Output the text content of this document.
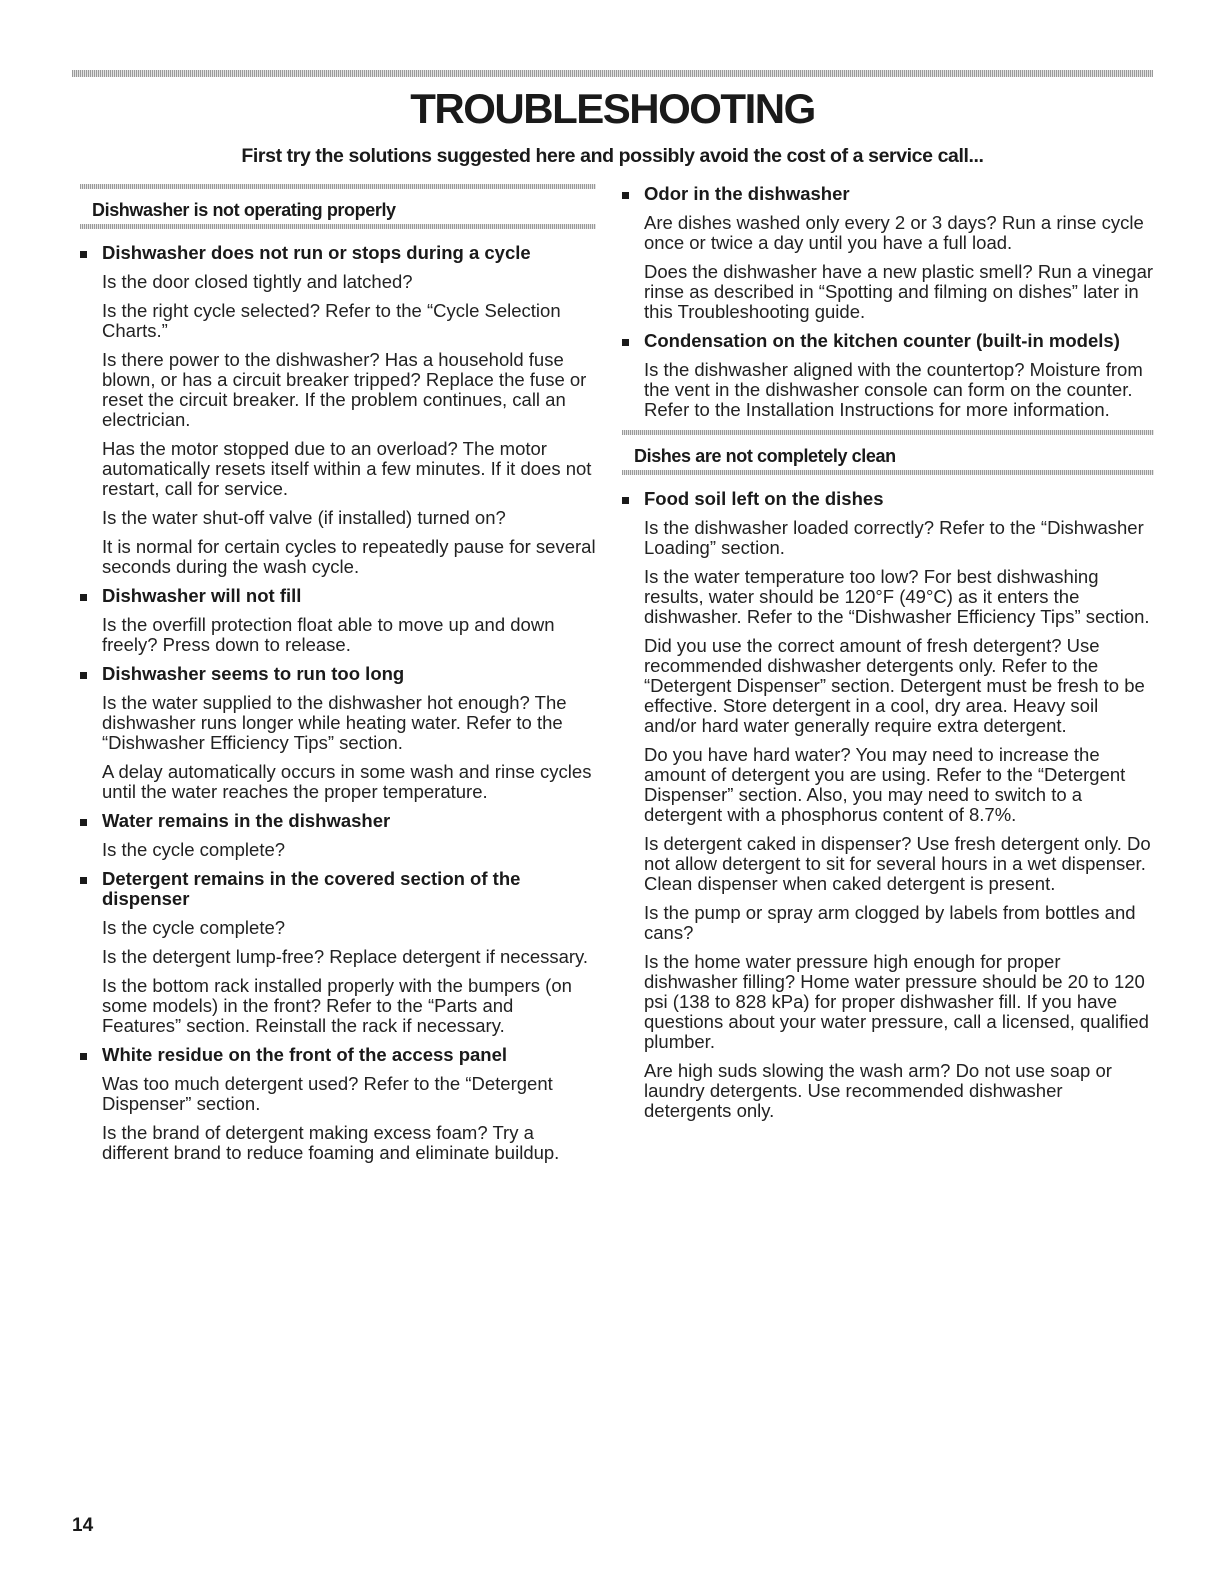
TROUBLESHOOTING

First try the solutions suggested here and possibly avoid the cost of a service call...

Dishwasher is not operating properly
Dishwasher does not run or stops during a cycle

Is the door closed tightly and latched?

Is the right cycle selected? Refer to the “Cycle Selection Charts.”

Is there power to the dishwasher? Has a household fuse blown, or has a circuit breaker tripped? Replace the fuse or reset the circuit breaker. If the problem continues, call an electrician.

Has the motor stopped due to an overload? The motor automatically resets itself within a few minutes. If it does not restart, call for service.

Is the water shut-off valve (if installed) turned on?

It is normal for certain cycles to repeatedly pause for several seconds during the wash cycle.

Dishwasher will not fill

Is the overfill protection float able to move up and down freely? Press down to release.

Dishwasher seems to run too long

Is the water supplied to the dishwasher hot enough? The dishwasher runs longer while heating water. Refer to the “Dishwasher Efficiency Tips” section.

A delay automatically occurs in some wash and rinse cycles until the water reaches the proper temperature.

Water remains in the dishwasher

Is the cycle complete?

Detergent remains in the covered section of the dispenser

Is the cycle complete?

Is the detergent lump-free? Replace detergent if necessary.

Is the bottom rack installed properly with the bumpers (on some models) in the front? Refer to the “Parts and Features” section. Reinstall the rack if necessary.

White residue on the front of the access panel

Was too much detergent used? Refer to the “Detergent Dispenser” section.

Is the brand of detergent making excess foam? Try a different brand to reduce foaming and eliminate buildup.

Odor in the dishwasher

Are dishes washed only every 2 or 3 days? Run a rinse cycle once or twice a day until you have a full load.

Does the dishwasher have a new plastic smell? Run a vinegar rinse as described in “Spotting and filming on dishes” later in this Troubleshooting guide.

Condensation on the kitchen counter (built-in models)

Is the dishwasher aligned with the countertop? Moisture from the vent in the dishwasher console can form on the counter. Refer to the Installation Instructions for more information.

Dishes are not completely clean
Food soil left on the dishes

Is the dishwasher loaded correctly? Refer to the “Dishwasher Loading” section.

Is the water temperature too low? For best dishwashing results, water should be 120°F (49°C) as it enters the dishwasher. Refer to the “Dishwasher Efficiency Tips” section.

Did you use the correct amount of fresh detergent? Use recommended dishwasher detergents only. Refer to the “Detergent Dispenser” section. Detergent must be fresh to be effective. Store detergent in a cool, dry area. Heavy soil and/or hard water generally require extra detergent.

Do you have hard water? You may need to increase the amount of detergent you are using. Refer to the “Detergent Dispenser” section. Also, you may need to switch to a detergent with a phosphorus content of 8.7%.

Is detergent caked in dispenser? Use fresh detergent only. Do not allow detergent to sit for several hours in a wet dispenser. Clean dispenser when caked detergent is present.

Is the pump or spray arm clogged by labels from bottles and cans?

Is the home water pressure high enough for proper dishwasher filling? Home water pressure should be 20 to 120 psi (138 to 828 kPa) for proper dishwasher fill. If you have questions about your water pressure, call a licensed, qualified plumber.

Are high suds slowing the wash arm? Do not use soap or laundry detergents. Use recommended dishwasher detergents only.

14
